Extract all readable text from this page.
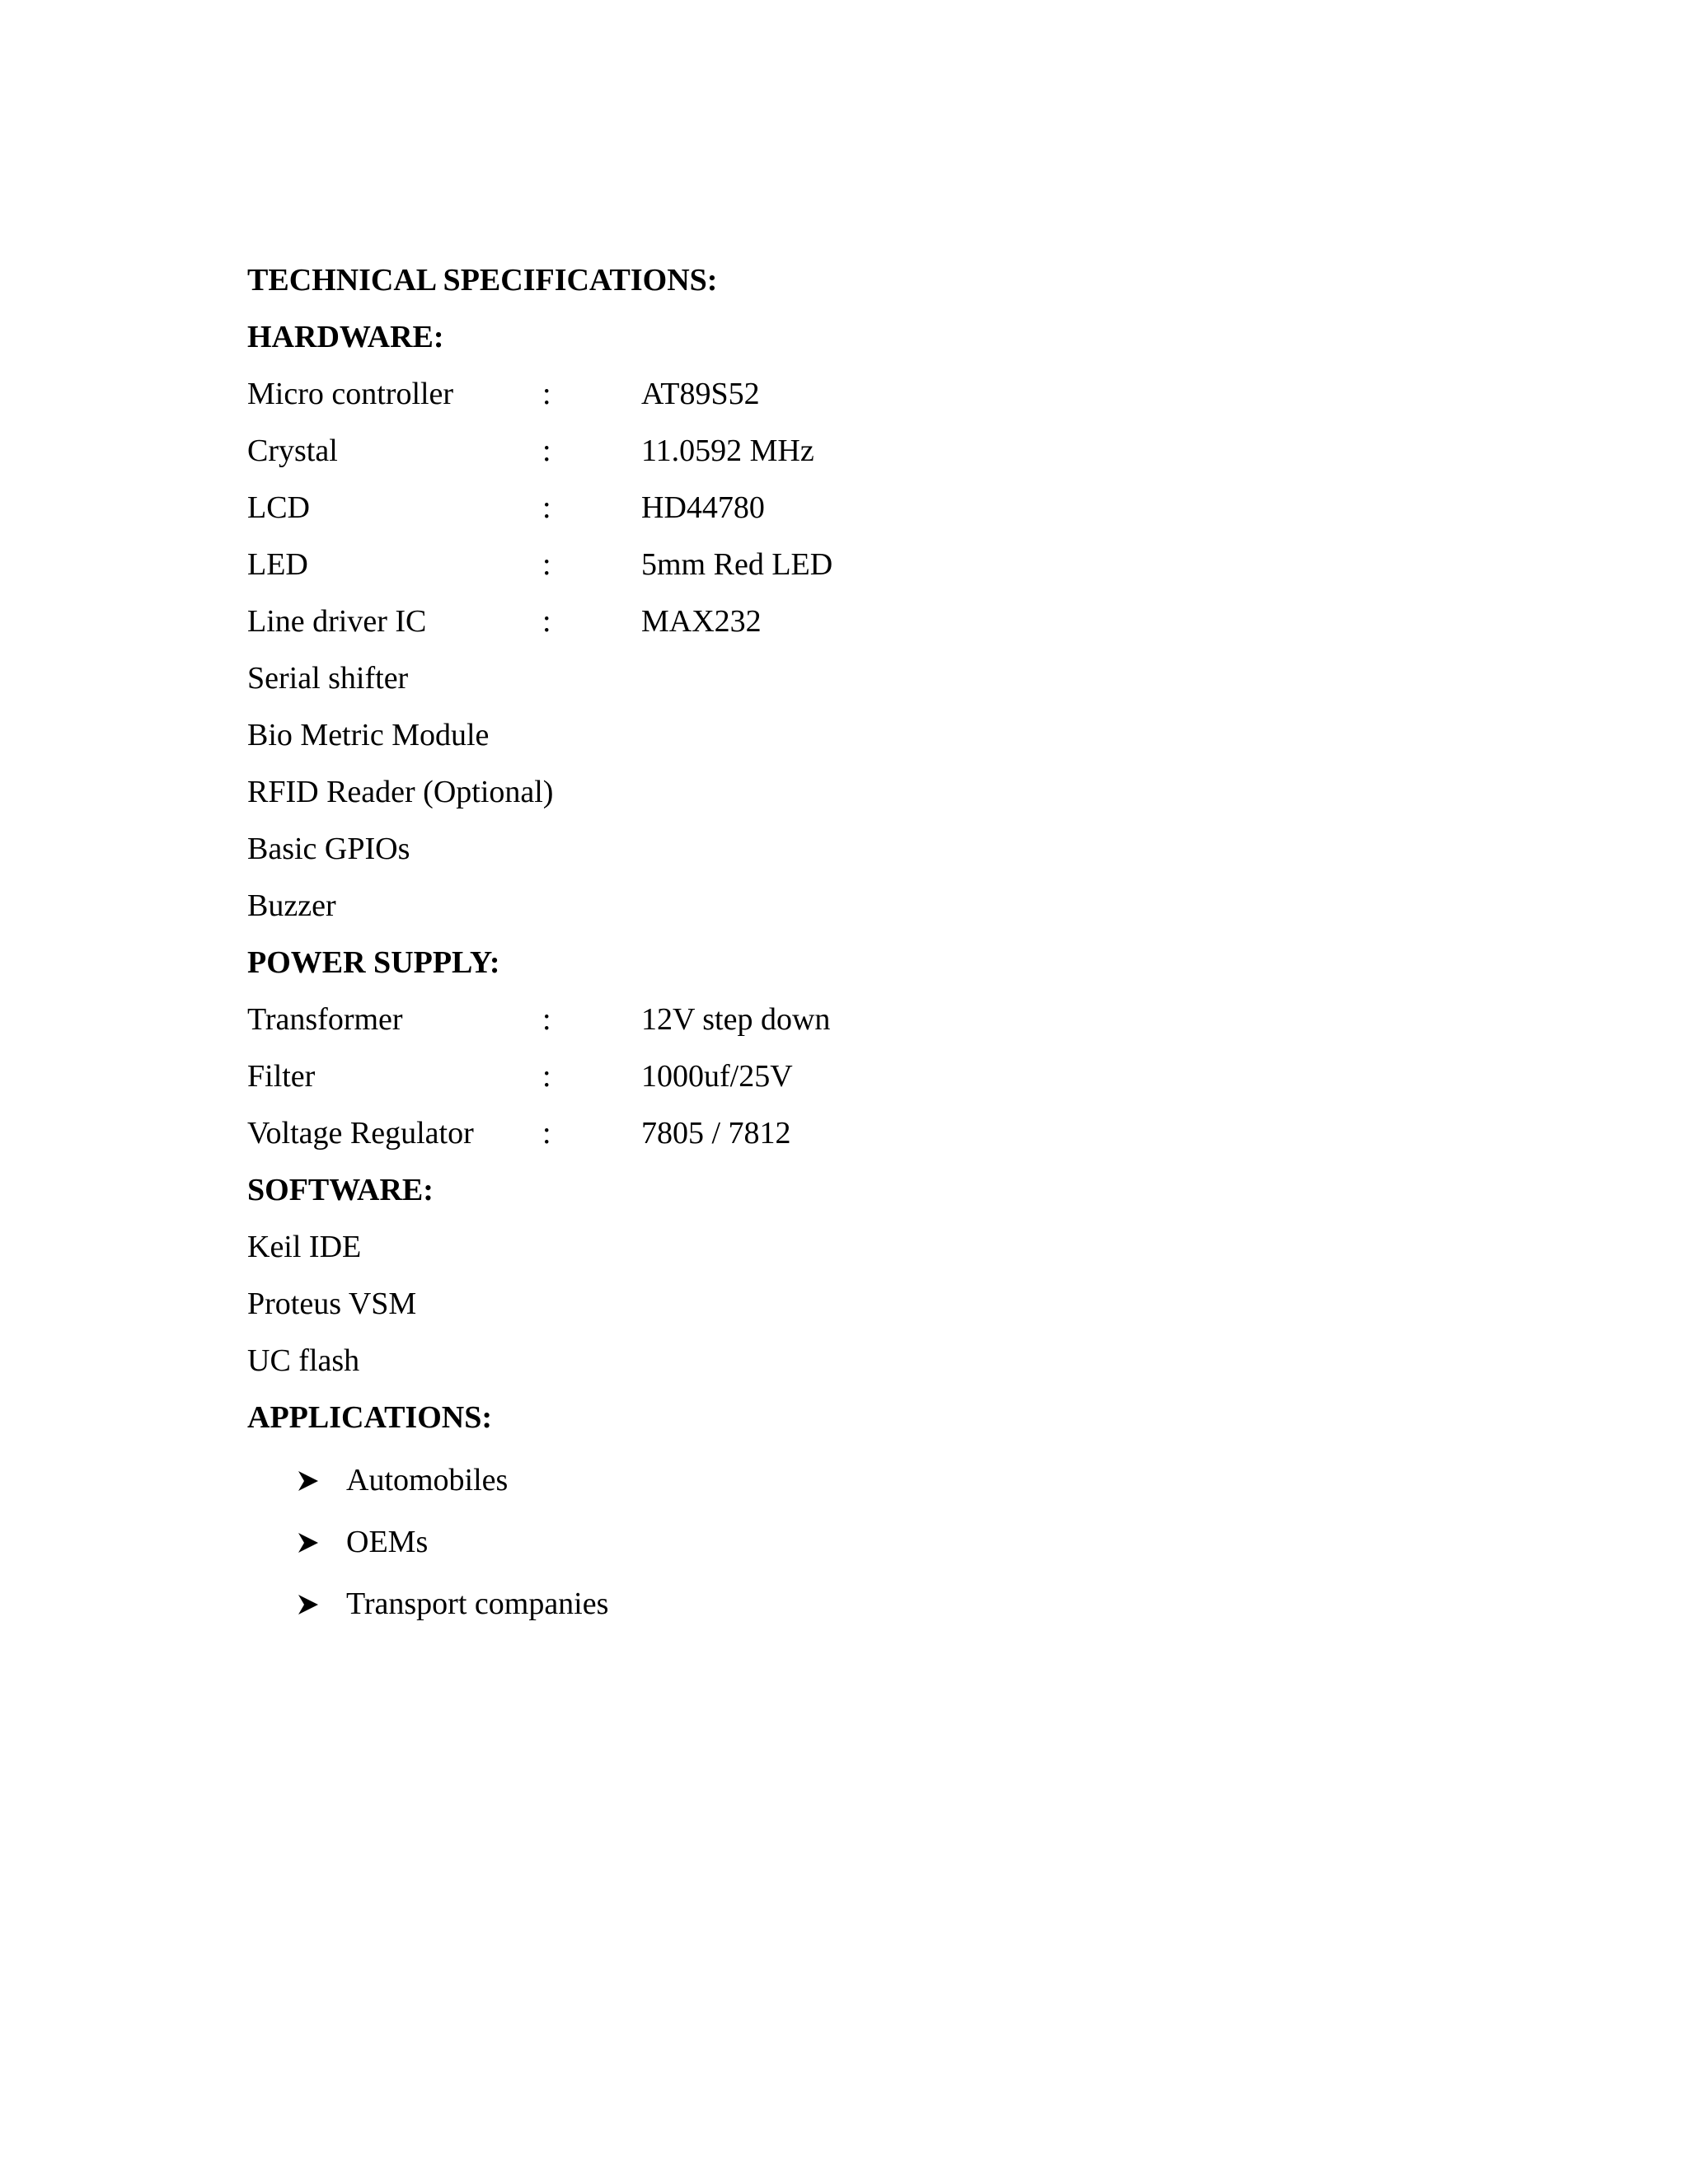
TECHNICAL SPECIFICATIONS:
HARDWARE:
Micro controller	:	AT89S52
Crystal	:	11.0592 MHz
LCD	:	HD44780
LED	:	5mm Red LED
Line driver IC	:	MAX232
Serial shifter
Bio Metric Module
RFID Reader (Optional)
Basic GPIOs
Buzzer
POWER SUPPLY:
Transformer	:	12V step down
Filter	:	1000uf/25V
Voltage Regulator :	7805 / 7812
SOFTWARE:
Keil IDE
Proteus VSM
UC flash
APPLICATIONS:
Automobiles
OEMs
Transport companies
